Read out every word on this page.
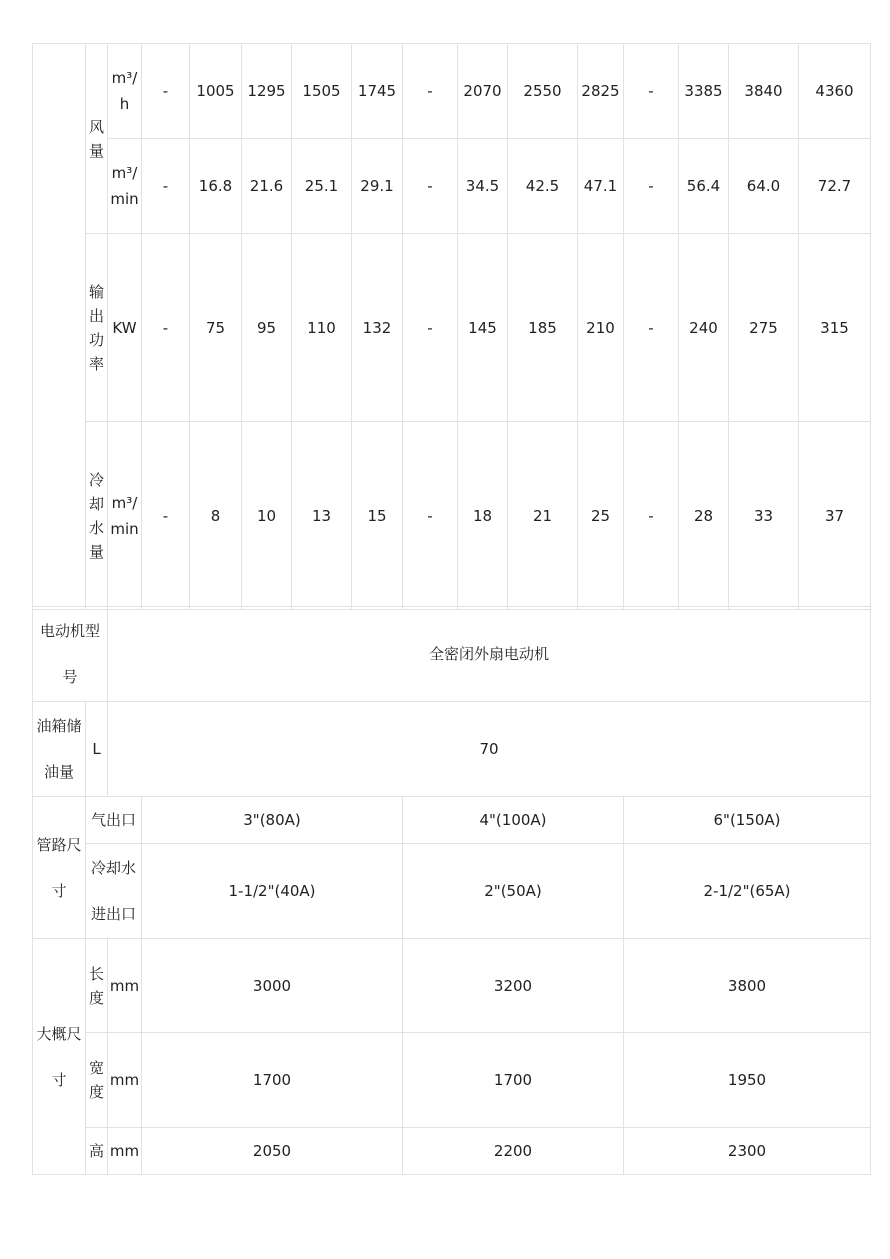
	风
量	m³/
h	-	1005	1295	1505	1745	-	2070	2550	2825	-	3385	3840	4360

		m³/
min	-	16.8	21.6	25.1	29.1	-	34.5	42.5	47.1	-	56.4	64.0	72.7

	输
出
功
率	KW	-	75	95	110	132	-	145	185	210	-	240	275	315

	冷
却
水
量	m³/
min	-	8	10	13	15	-	18	21	25	-	28	33	37
电动机型
号		全密闭外扇电动机			

油箱储
油量	L	70			

管路尺
寸	气出口		3"(80A)	4"(100A)	6"(150A)

	冷却水
进出口		1-1/2"(40A)	2"(50A)	2-1/2"(65A)

大概尺
寸	长
度	mm	3000	3200	3800

	宽
度	mm	1700	1700	1950
	高	mm	2050	2200	2300
